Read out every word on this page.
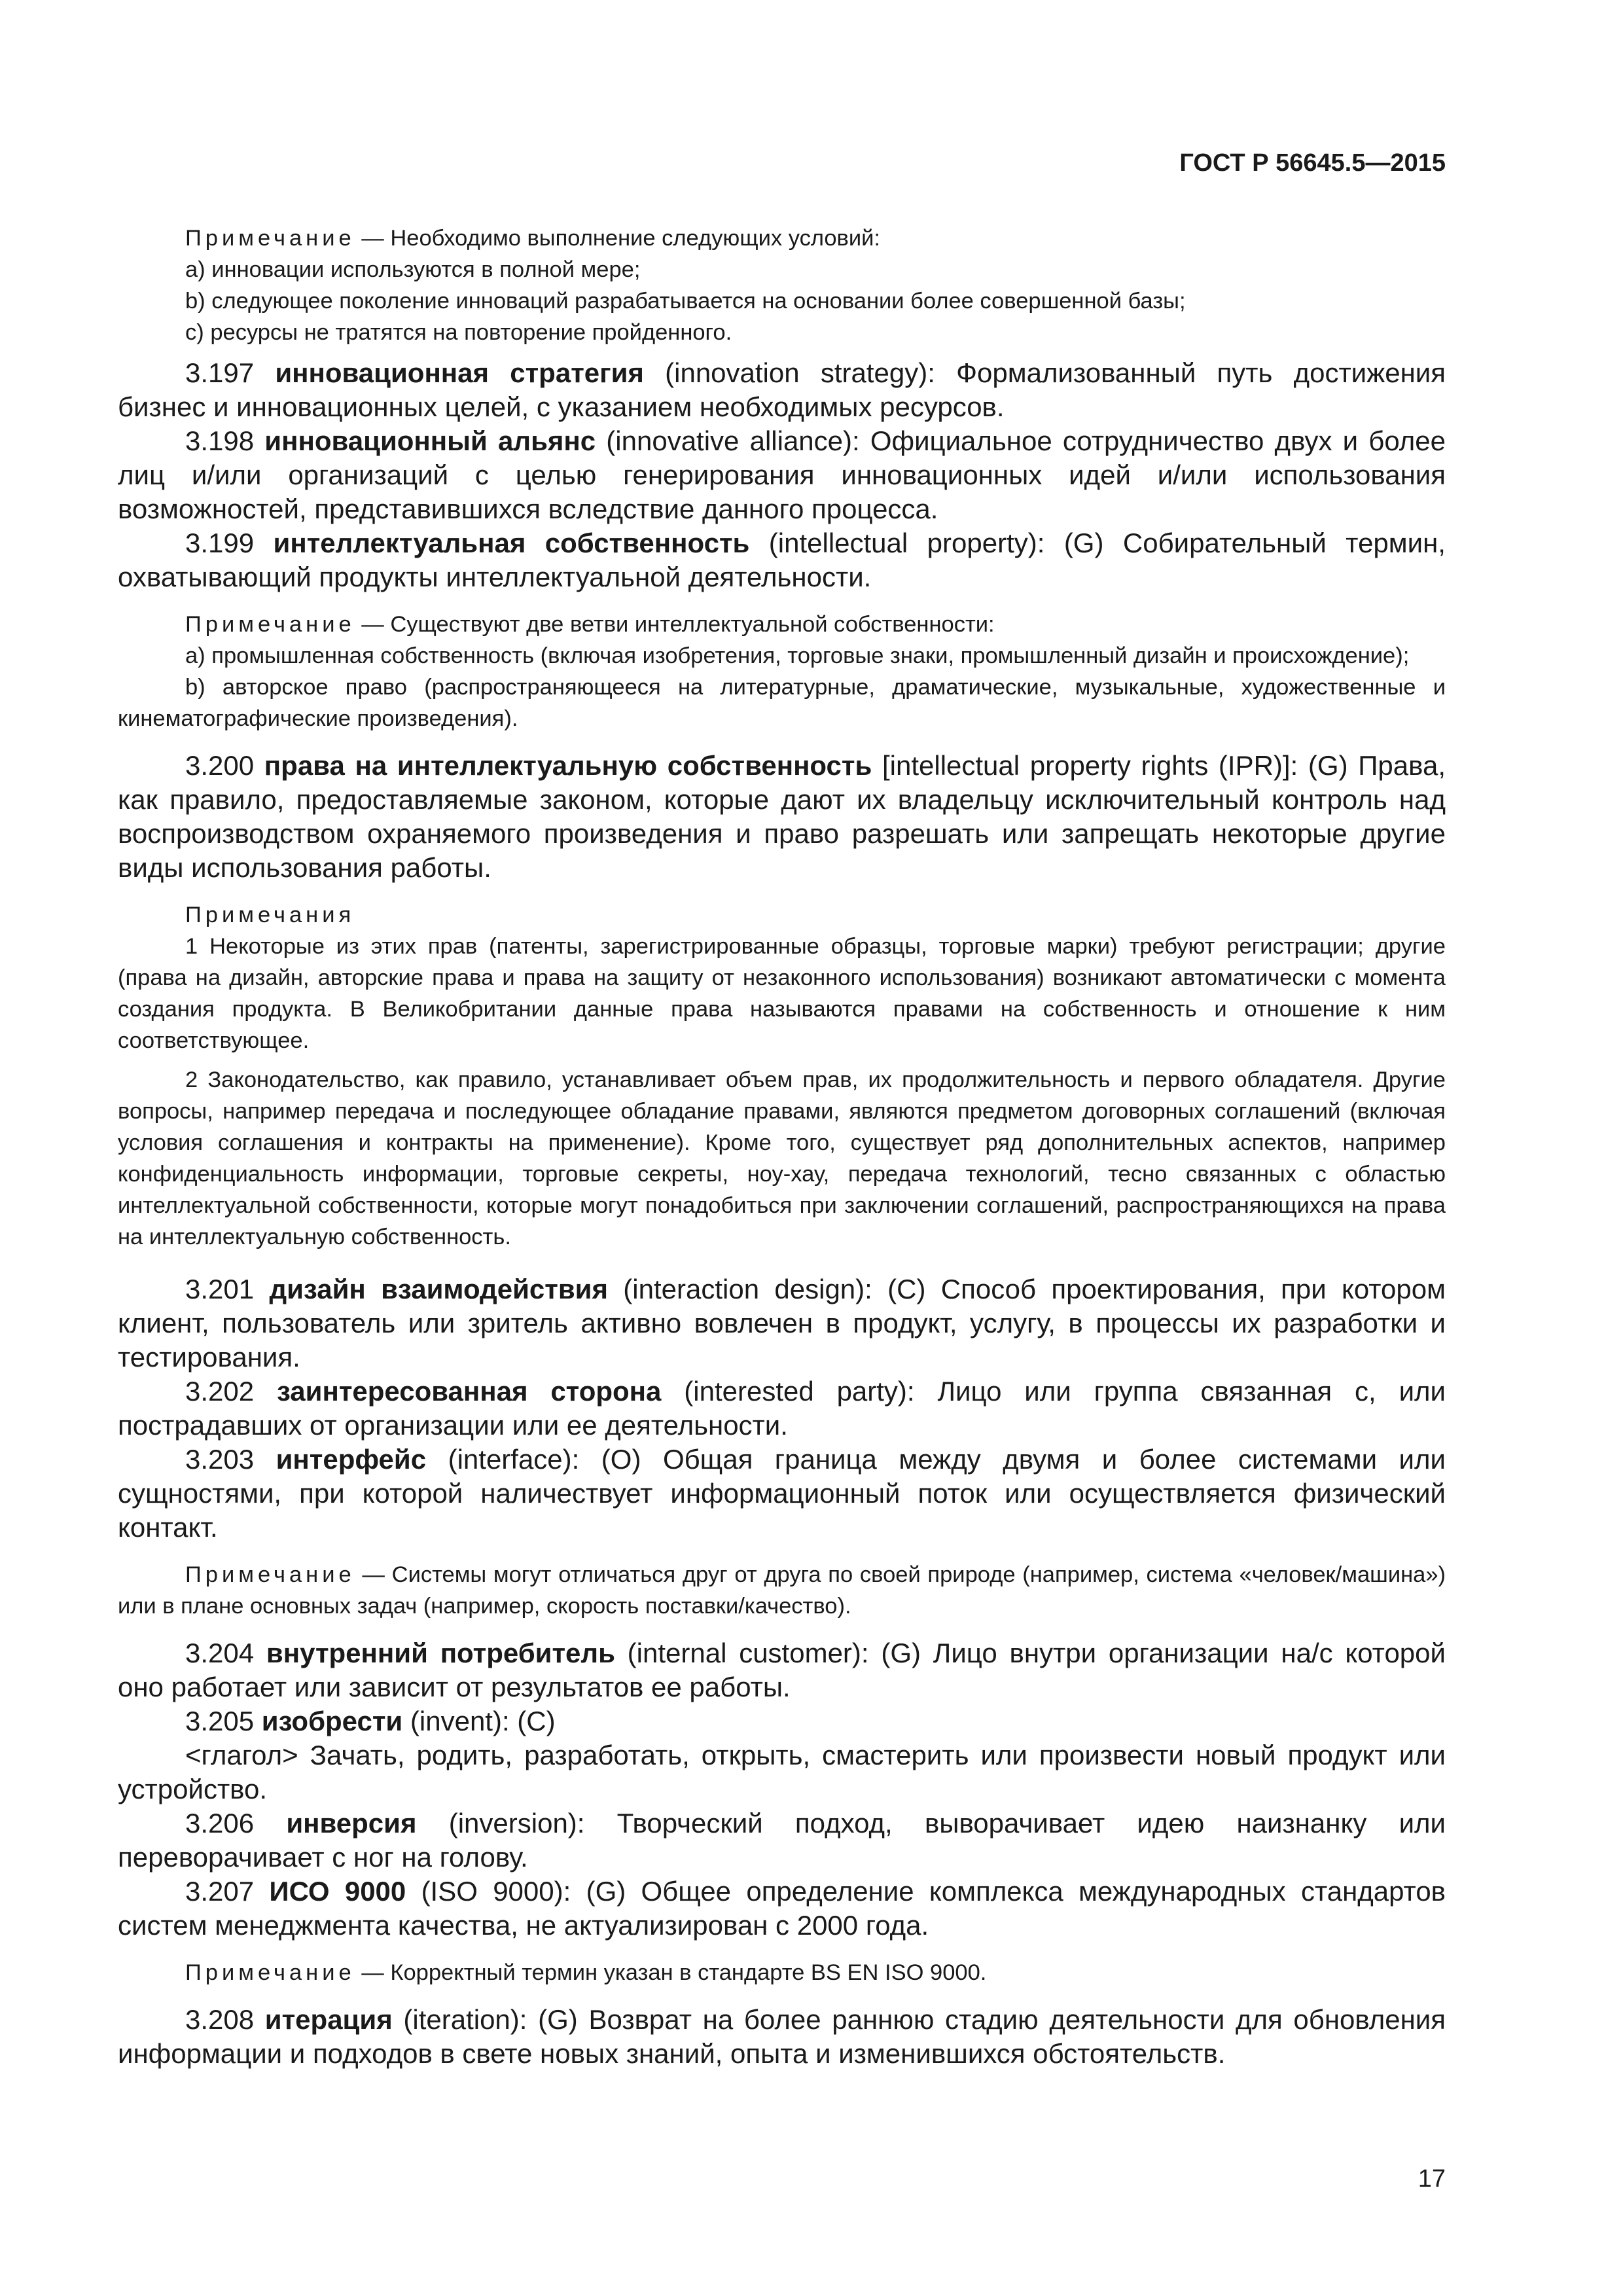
ГОСТ Р 56645.5—2015

Примечание — Необходимо выполнение следующих условий:

а) инновации используются в полной мере;

b) следующее поколение инноваций разрабатывается на основании более совершенной базы;

с) ресурсы не тратятся на повторение пройденного.

3.197 инновационная стратегия (innovation strategy): Формализованный путь достижения бизнес и инновационных целей, с указанием необходимых ресурсов.

3.198 инновационный альянс (innovative alliance): Официальное сотрудничество двух и более лиц и/или организаций с целью генерирования инновационных идей и/или использования возможностей, представившихся вследствие данного процесса.

3.199 интеллектуальная собственность (intellectual property): (G) Собирательный термин, охватывающий продукты интеллектуальной деятельности.

Примечание — Существуют две ветви интеллектуальной собственности:

а) промышленная собственность (включая изобретения, торговые знаки, промышленный дизайн и происхождение);

b) авторское право (распространяющееся на литературные, драматические, музыкальные, художественные и кинематографические произведения).

3.200 права на интеллектуальную собственность [intellectual property rights (IPR)]: (G) Права, как правило, предоставляемые законом, которые дают их владельцу исключительный контроль над воспроизводством охраняемого произведения и право разрешать или запрещать некоторые другие виды использования работы.

Примечания

1 Некоторые из этих прав (патенты, зарегистрированные образцы, торговые марки) требуют регистрации; другие (права на дизайн, авторские права и права на защиту от незаконного использования) возникают автоматически с момента создания продукта. В Великобритании данные права называются правами на собственность и отношение к ним соответствующее.

2 Законодательство, как правило, устанавливает объем прав, их продолжительность и первого обладателя. Другие вопросы, например передача и последующее обладание правами, являются предметом договорных соглашений (включая условия соглашения и контракты на применение). Кроме того, существует ряд дополнительных аспектов, например конфиденциальность информации, торговые секреты, ноу-хау, передача технологий, тесно связанных с областью интеллектуальной собственности, которые могут понадобиться при заключении соглашений, распространяющихся на права на интеллектуальную собственность.

3.201 дизайн взаимодействия (interaction design): (C) Способ проектирования, при котором клиент, пользователь или зритель активно вовлечен в продукт, услугу, в процессы их разработки и тестирования.

3.202 заинтересованная сторона (interested party): Лицо или группа связанная с, или пострадавших от организации или ее деятельности.

3.203 интерфейс (interface): (O) Общая граница между двумя и более системами или сущностями, при которой наличествует информационный поток или осуществляется физический контакт.

Примечание — Системы могут отличаться друг от друга по своей природе (например, система «человек/машина») или в плане основных задач (например, скорость поставки/качество).

3.204 внутренний потребитель (internal customer): (G) Лицо внутри организации на/с которой оно работает или зависит от результатов ее работы.

3.205 изобрести (invent): (C)

<глагол> Зачать, родить, разработать, открыть, смастерить или произвести новый продукт или устройство.

3.206 инверсия (inversion): Творческий подход, выворачивает идею наизнанку или переворачивает с ног на голову.

3.207 ИСО 9000 (ISO 9000): (G) Общее определение комплекса международных стандартов систем менеджмента качества, не актуализирован с 2000 года.

Примечание — Корректный термин указан в стандарте BS EN ISO 9000.

3.208 итерация (iteration): (G) Возврат на более раннюю стадию деятельности для обновления информации и подходов в свете новых знаний, опыта и изменившихся обстоятельств.

17
